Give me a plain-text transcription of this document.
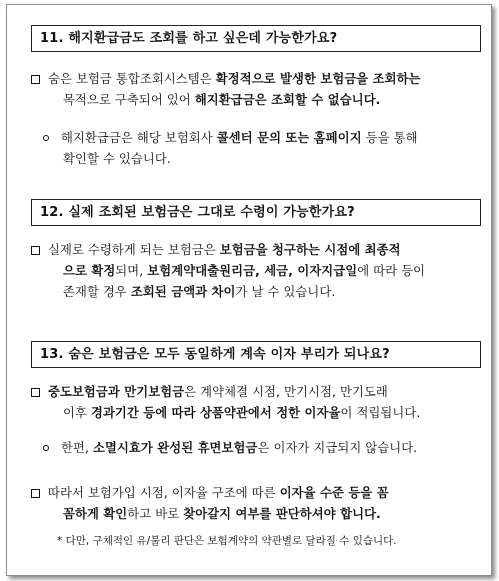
11. 해지환급금도 조회를 하고 싶은데 가능한가요?
숨은 보험금 통합조회시스템은 확정적으로 발생한 보험금을 조회하는
목적으로 구축되어 있어 해지환급금은 조회할 수 없습니다.
해지환급금은 해당 보험회사 콜센터 문의 또는 홈페이지 등을 통해
확인할 수 있습니다.
12. 실제 조회된 보험금은 그대로 수령이 가능한가요?
실제로 수령하게 되는 보험금은 보험금을 청구하는 시점에 최종적
으로 확정되며, 보험계약대출원리금, 세금, 이자지급일에 따라 등이
존재할 경우 조회된 금액과 차이가 날 수 있습니다.
13. 숨은 보험금은 모두 동일하게 계속 이자 부리가 되나요?
중도보험금과 만기보험금은 계약체결 시점, 만기시점, 만기도래
이후 경과기간 등에 따라 상품약관에서 정한 이자율이 적립됩니다.
한편, 소멸시효가 완성된 휴면보험금은 이자가 지급되지 않습니다.
따라서 보험가입 시점, 이자율 구조에 따른 이자율 수준 등을 꼼
꼼하게 확인하고 바로 찾아갈지 여부를 판단하셔야 합니다.
* 다만, 구체적인 유/불리 판단은 보험계약의 약관별로 달라질 수 있습니다.
